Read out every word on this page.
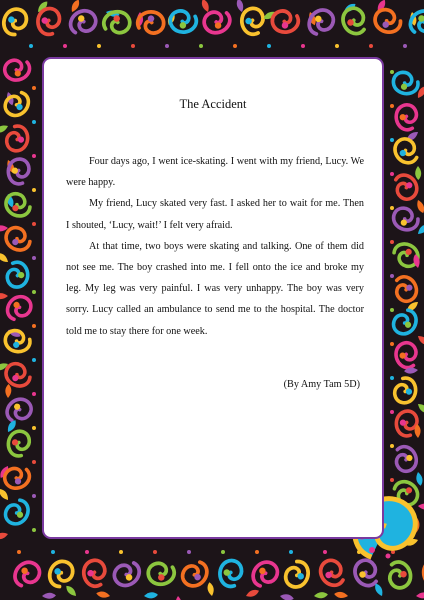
The Accident

Four days ago, I went ice-skating. I went with my friend, Lucy. We were happy.

My friend, Lucy skated very fast. I asked her to wait for me. Then I shouted, ‘Lucy, wait!’ I felt very afraid.

At that time, two boys were skating and talking. One of them did not see me. The boy crashed into me. I fell onto the ice and broke my leg. My leg was very painful. I was very unhappy. The boy was very sorry. Lucy called an ambulance to send me to the hospital. The doctor told me to stay there for one week.

(By Amy Tam 5D)
